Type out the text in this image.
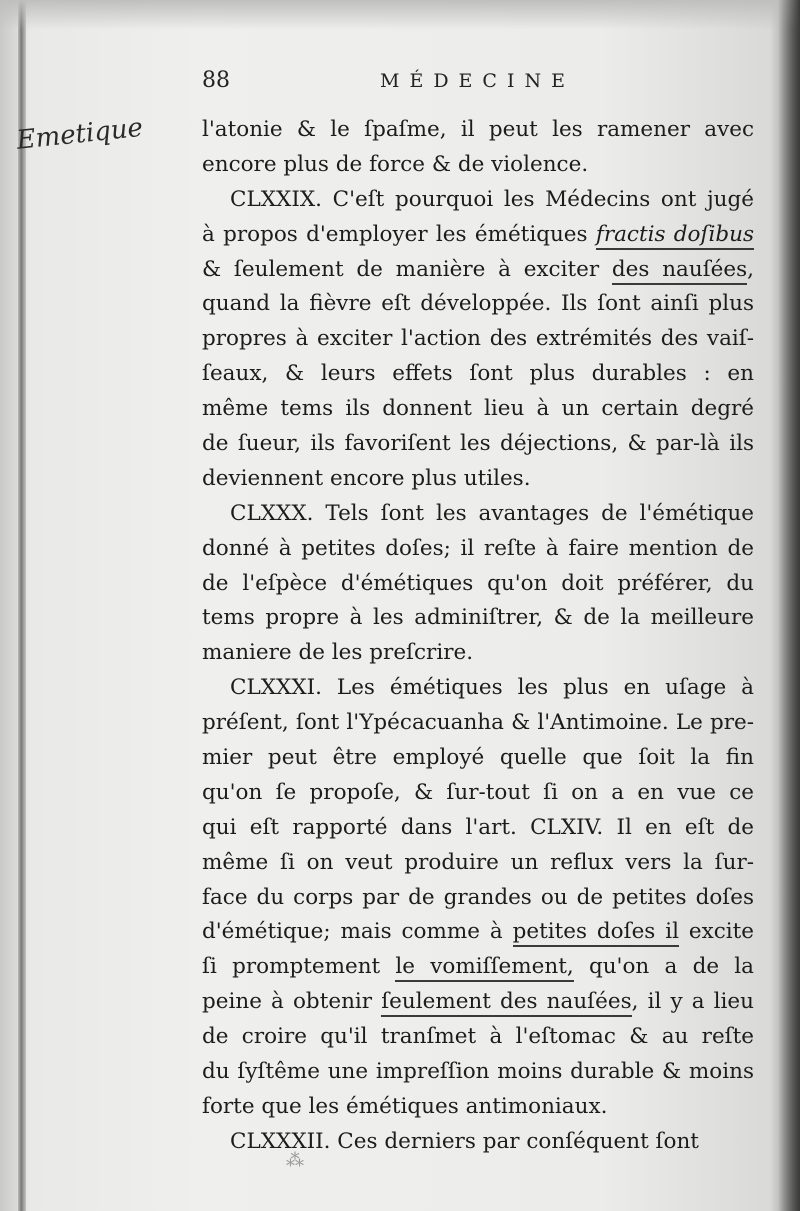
88	MÉDECINE
Emetique	l'atonie & le ſpaſme, il peut les ramener avec
encore plus de force & de violence.
CLXXIX. C'eſt pourquoi les Médecins ont jugé
à propos d'employer les émétiques fractis doſibus
& ſeulement de manière à exciter des nauſées,
quand la fièvre eſt développée. Ils ſont ainſi plus
propres à exciter l'action des extrémités des vaiſ-
ſeaux, & leurs effets ſont plus durables : en
même tems ils donnent lieu à un certain degré
de ſueur, ils favoriſent les déjections, & par-là ils
deviennent encore plus utiles.
CLXXX. Tels ſont les avantages de l'émétique
donné à petites doſes; il reſte à faire mention de
de l'eſpèce d'émétiques qu'on doit préférer, du
tems propre à les adminiſtrer, & de la meilleure
maniere de les preſcrire.
CLXXXI. Les émétiques les plus en uſage à
préſent, ſont l'Ypécacuanha & l'Antimoine. Le pre-
mier peut être employé quelle que ſoit la fin
qu'on ſe propoſe, & ſur-tout ſi on a en vue ce
qui eſt rapporté dans l'art. CLXIV. Il en eſt de
même ſi on veut produire un reflux vers la ſur-
face du corps par de grandes ou de petites doſes
d'émétique; mais comme à petites doſes il excite
ſi promptement le vomiſſement, qu'on a de la
peine à obtenir ſeulement des nauſées, il y a lieu
de croire qu'il tranſmet à l'eſtomac & au reſte
du ſyſtême une impreſſion moins durable & moins
forte que les émétiques antimoniaux.
CLXXXII. Ces derniers par conſéquent ſont
⁂
